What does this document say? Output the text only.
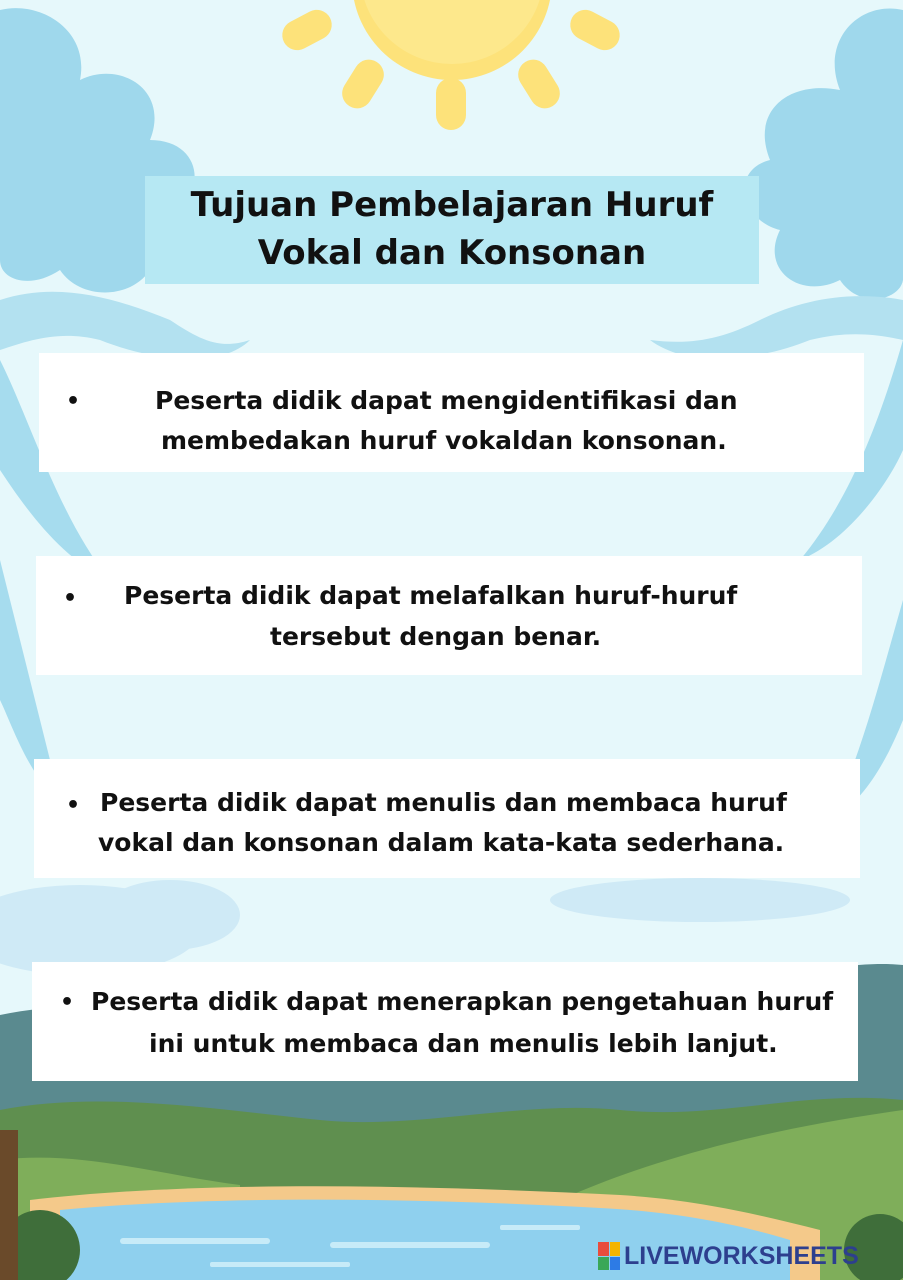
Tujuan Pembelajaran Huruf
Vokal dan Konsonan
•	Peserta didik dapat mengidentifikasi dan
membedakan huruf vokaldan konsonan.
• Peserta didik dapat melafalkan huruf-huruf
tersebut dengan benar.
• Peserta didik dapat menulis dan membaca huruf
vokal dan konsonan dalam kata-kata sederhana.
• Peserta didik dapat menerapkan pengetahuan huruf
ini untuk membaca dan menulis lebih lanjut.
LIVEWORKSHEETS
